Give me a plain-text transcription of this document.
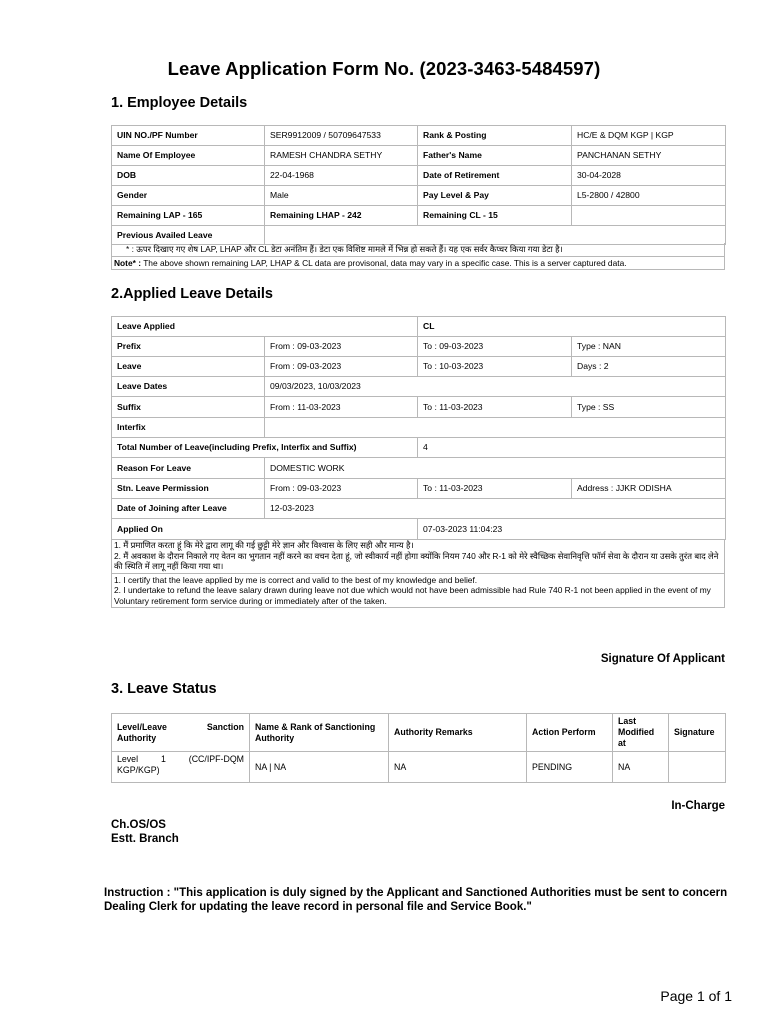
Leave Application Form No. (2023-3463-5484597)
1. Employee Details
UIN NO./PF Number	SER9912009 / 50709647533	Rank & Posting	HC/E & DQM KGP | KGP
Name Of Employee	RAMESH CHANDRA SETHY	Father's Name	PANCHANAN SETHY
DOB	22-04-1968	Date of Retirement	30-04-2028
Gender	Male	Pay Level & Pay	L5-2800 / 42800
Remaining LAP - 165	Remaining LHAP - 242	Remaining CL - 15	
Previous Availed Leave			
* : ऊपर दिखाए गए शेष LAP, LHAP और CL डेटा अनंतिम हैं। डेटा एक विशिष्ट मामले में भिन्न हो सकते हैं। यह एक सर्वर कैप्चर किया गया डेटा है।
Note* : The above shown remaining LAP, LHAP & CL data are provisonal, data may vary in a specific case. This is a server captured data.
2.Applied Leave Details
Leave Applied		CL	
Prefix	From : 09-03-2023	To : 09-03-2023	Type : NAN
Leave	From : 09-03-2023	To : 10-03-2023	Days : 2
Leave Dates	09/03/2023, 10/03/2023		
Suffix	From : 11-03-2023	To : 11-03-2023	Type : SS
Interfix			
Total Number of Leave(including Prefix, Interfix and Suffix)		4	
Reason For Leave	DOMESTIC WORK		
Stn. Leave Permission	From : 09-03-2023	To : 11-03-2023	Address : JJKR ODISHA
Date of Joining after Leave	12-03-2023		
Applied On		07-03-2023 11:04:23	
1. मैं प्रमाणित करता हूं कि मेरे द्वारा लागू की गई छुट्टी मेरे ज्ञान और विश्वास के लिए सही और मान्य है।
2. मैं अवकाश के दौरान निकाले गए वेतन का भुगतान नहीं करने का वचन देता हूं, जो स्वीकार्य नहीं होगा क्योंकि नियम 740 और R-1 को मेरे स्वैच्छिक सेवानिवृत्ति फॉर्म सेवा के दौरान या उसके तुरंत बाद लेने की स्थिति में लागू नहीं किया गया था।
1. I certify that the leave applied by me is correct and valid to the best of my knowledge and belief.
2. I undertake to refund the leave salary drawn during leave not due which would not have been admissible had Rule 740 R-1 not been applied in the event of my Voluntary retirement form service during or immediately after of the taken.
Signature Of Applicant
3. Leave Status
Level/Leave Sanction Authority	Name & Rank of Sanctioning Authority	Authority Remarks	Action Perform	Last Modified at	Signature

Level 1 (CC/IPF-DQM KGP/KGP)	NA | NA	NA	PENDING	NA	
In-Charge
Ch.OS/OS
Estt. Branch
Instruction : "This application is duly signed by the Applicant and Sanctioned Authorities must be sent to concern Dealing Clerk for updating the leave record in personal file and Service Book."
Page 1 of 1
